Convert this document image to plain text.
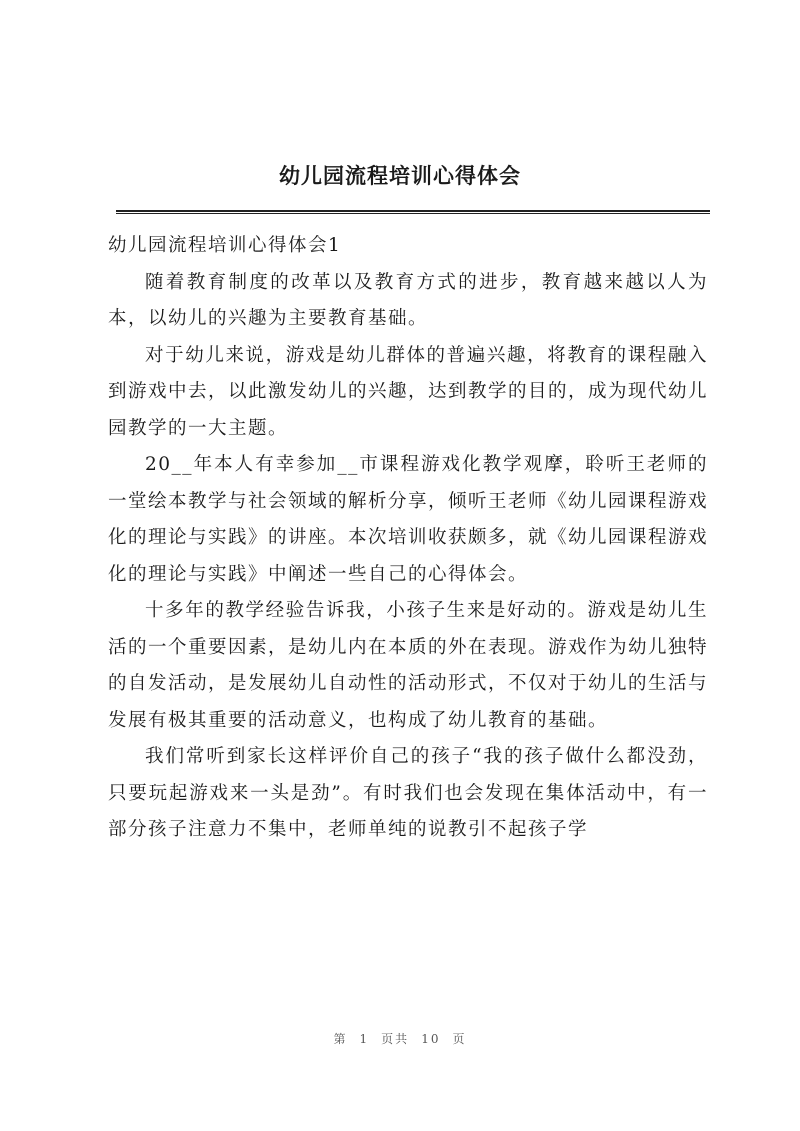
幼儿园流程培训心得体会

幼儿园流程培训心得体会1

随着教育制度的改革以及教育方式的进步，教育越来越以人为本，以幼儿的兴趣为主要教育基础。

对于幼儿来说，游戏是幼儿群体的普遍兴趣，将教育的课程融入到游戏中去，以此激发幼儿的兴趣，达到教学的目的，成为现代幼儿园教学的一大主题。

20__年本人有幸参加__市课程游戏化教学观摩，聆听王老师的一堂绘本教学与社会领域的解析分享，倾听王老师《幼儿园课程游戏化的理论与实践》的讲座。本次培训收获颇多，就《幼儿园课程游戏化的理论与实践》中阐述一些自己的心得体会。

十多年的教学经验告诉我，小孩子生来是好动的。游戏是幼儿生活的一个重要因素，是幼儿内在本质的外在表现。游戏作为幼儿独特的自发活动，是发展幼儿自动性的活动形式，不仅对于幼儿的生活与发展有极其重要的活动意义，也构成了幼儿教育的基础。

我们常听到家长这样评价自己的孩子“我的孩子做什么都没劲，只要玩起游戏来一头是劲”。有时我们也会发现在集体活动中，有一部分孩子注意力不集中，老师单纯的说教引不起孩子学

第 1 页共 10 页
